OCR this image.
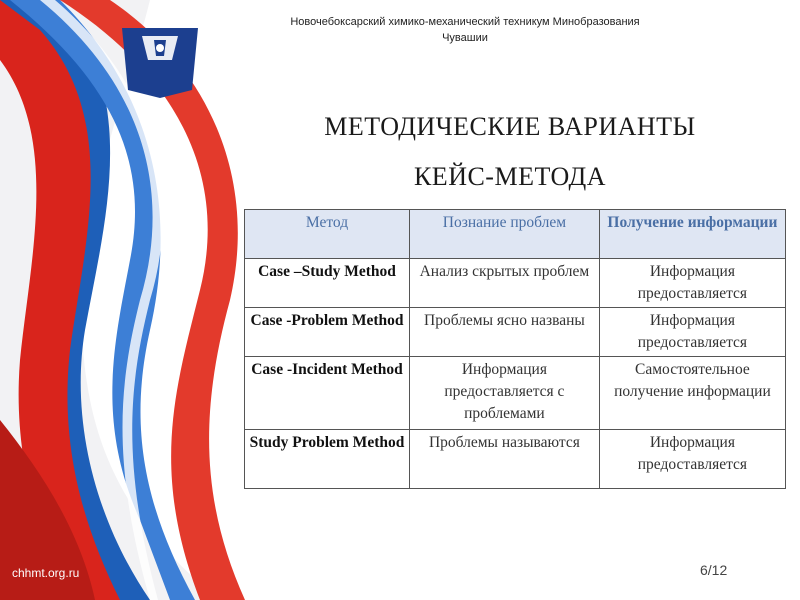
Новочебоксарский химико-механический техникум Минобразования
Чувашии
МЕТОДИЧЕСКИЕ ВАРИАНТЫ
КЕЙС-МЕТОДА
Метод	Познание проблем	Получение информации
Case –Study Method	Анализ скрытых проблем	Информация предоставляется
Case -Problem Method	Проблемы ясно названы	Информация предоставляется
Case -Incident Method	Информация предоставляется с проблемами	Самостоятельное получение информации
Study Problem Method	Проблемы называются	Информация предоставляется
chhmt.org.ru	6/12
